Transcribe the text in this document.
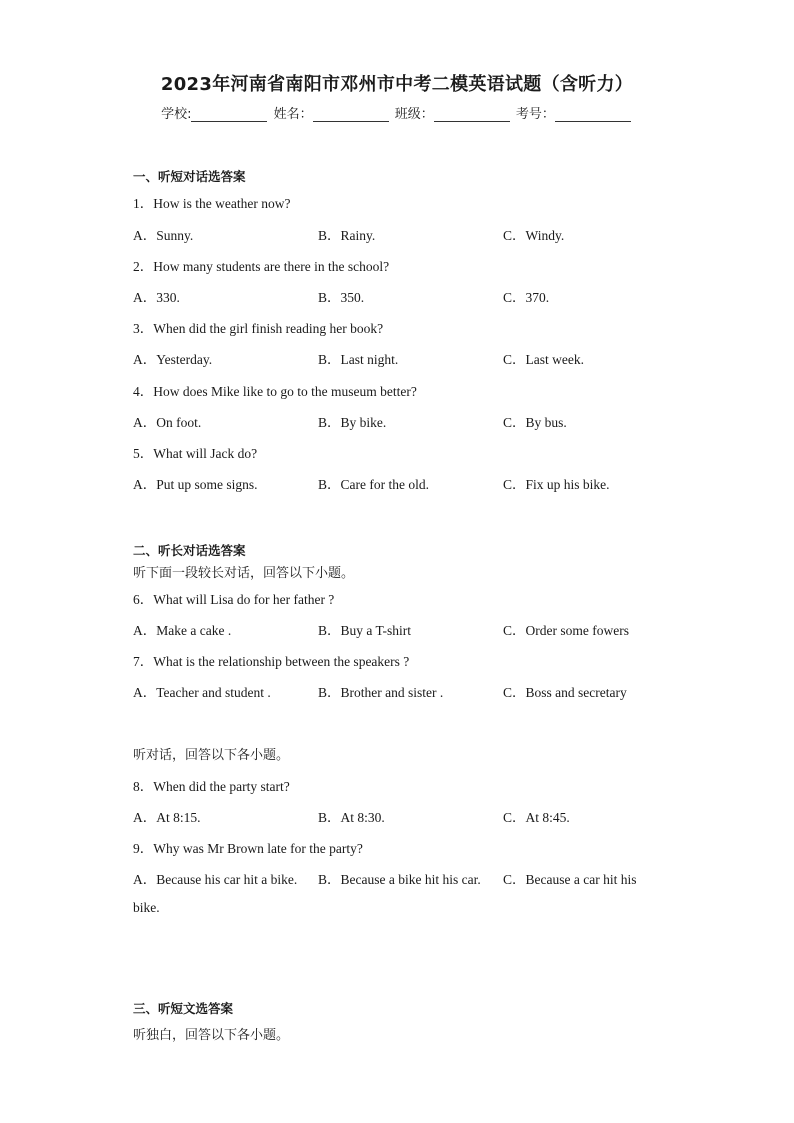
2023年河南省南阳市邓州市中考二模英语试题（含听力）
学校:	姓名：	班级：	考号：
一、听短对话选答案
1．How is the weather now?
A．Sunny.	B．Rainy.	C．Windy.
2．How many students are there in the school?
A．330.	B．350.	C．370.
3．When did the girl finish reading her book?
A．Yesterday.	B．Last night.	C．Last week.
4．How does Mike like to go to the museum better?
A．On foot.	B．By bike.	C．By bus.
5．What will Jack do?
A．Put up some signs.	B．Care for the old.	C．Fix up his bike.
二、听长对话选答案
听下面一段较长对话，回答以下小题。
6．What will Lisa do for her father ?
A．Make a cake .	B．Buy a T-shirt	C．Order some fowers
7．What is the relationship between the speakers ?
A．Teacher and student .	B．Brother and sister .	C．Boss and secretary
听对话，回答以下各小题。
8．When did the party start?
A．At 8:15.	B．At 8:30.	C．At 8:45.
9．Why was Mr Brown late for the party?
A．Because his car hit a bike. B．Because a bike hit his car. C．Because a car hit his
bike.
三、听短文选答案
听独白，回答以下各小题。
